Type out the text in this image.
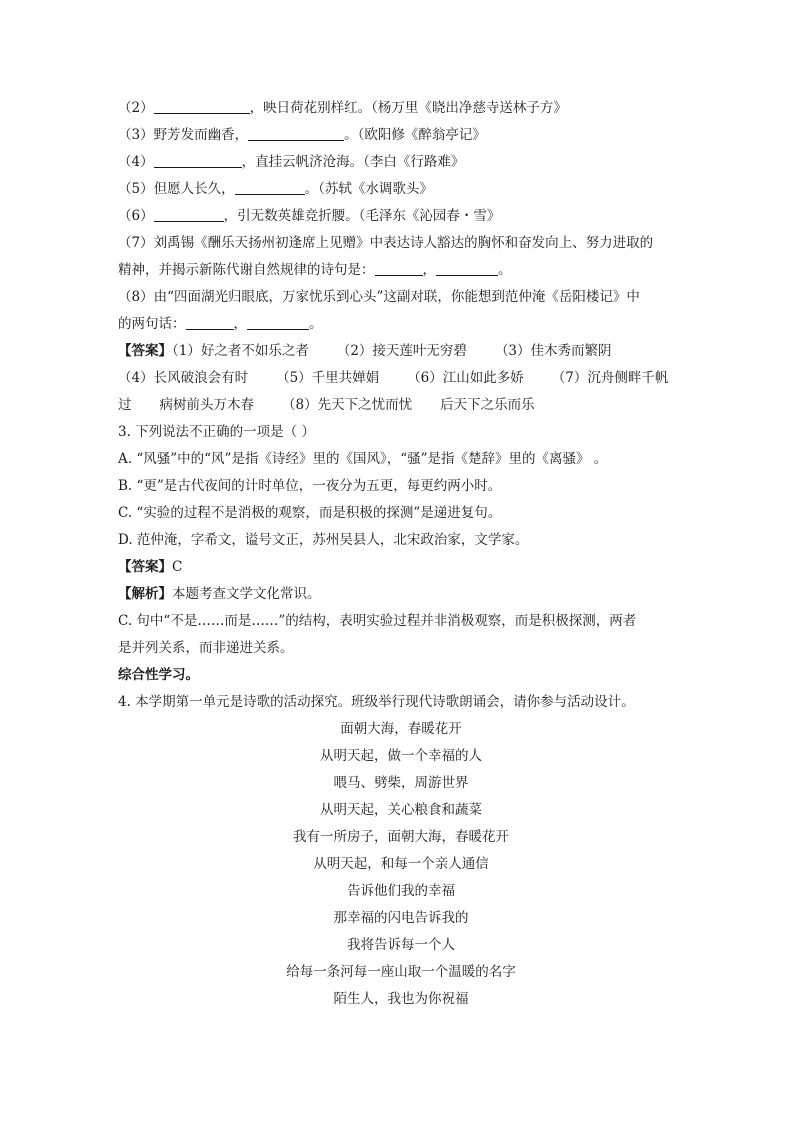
（2）	，映日荷花别样红。（杨万里《晓出净慈寺送林子方》
（3）野芳发而幽香，	。（欧阳修《醉翁亭记》
（4）	，直挂云帆济沧海。（李白《行路难》
（5）但愿人长久，	。（苏轼《水调歌头》
（6）	，引无数英雄竞折腰。（毛泽东《沁园春・雪》
（7）刘禹锡《酬乐天扬州初逢席上见赠》中表达诗人豁达的胸怀和奋发向上、努力进取的
精神，并揭示新陈代谢自然规律的诗句是：	，	。
（8）由“四面湖光归眼底，万家忧乐到心头”这副对联，你能想到范仲淹《岳阳楼记》中
的两句话：	，	。
【答案】（1）好之者不如乐之者 （2）接天莲叶无穷碧 （3）佳木秀而繁阴
（4）长风破浪会有时 （5）千里共婵娟 （6）江山如此多娇 （7）沉舟侧畔千帆
过 病树前头万木春 （8）先天下之忧而忧 后天下之乐而乐
3. 下列说法不正确的一项是（ ）
A. “风骚”中的“风”是指《诗经》里的《国风》，“骚”是指《楚辞》里的《离骚》 。
B. “更”是古代夜间的计时单位，一夜分为五更，每更约两小时。
C. “实验的过程不是消极的观察，而是积极的探测”是递进复句。
D. 范仲淹，字希文，谥号文正，苏州吴县人，北宋政治家，文学家。
【答案】C
【解析】本题考查文学文化常识。
C. 句中“不是……而是……”的结构，表明实验过程并非消极观察，而是积极探测，两者
是并列关系，而非递进关系。
综合性学习。
4. 本学期第一单元是诗歌的活动探究。班级举行现代诗歌朗诵会，请你参与活动设计。
面朝大海，春暖花开
从明天起，做一个幸福的人
喂马、劈柴，周游世界
从明天起，关心粮食和蔬菜
我有一所房子，面朝大海，春暖花开
从明天起，和每一个亲人通信
告诉他们我的幸福
那幸福的闪电告诉我的
我将告诉每一个人
给每一条河每一座山取一个温暖的名字
陌生人，我也为你祝福
